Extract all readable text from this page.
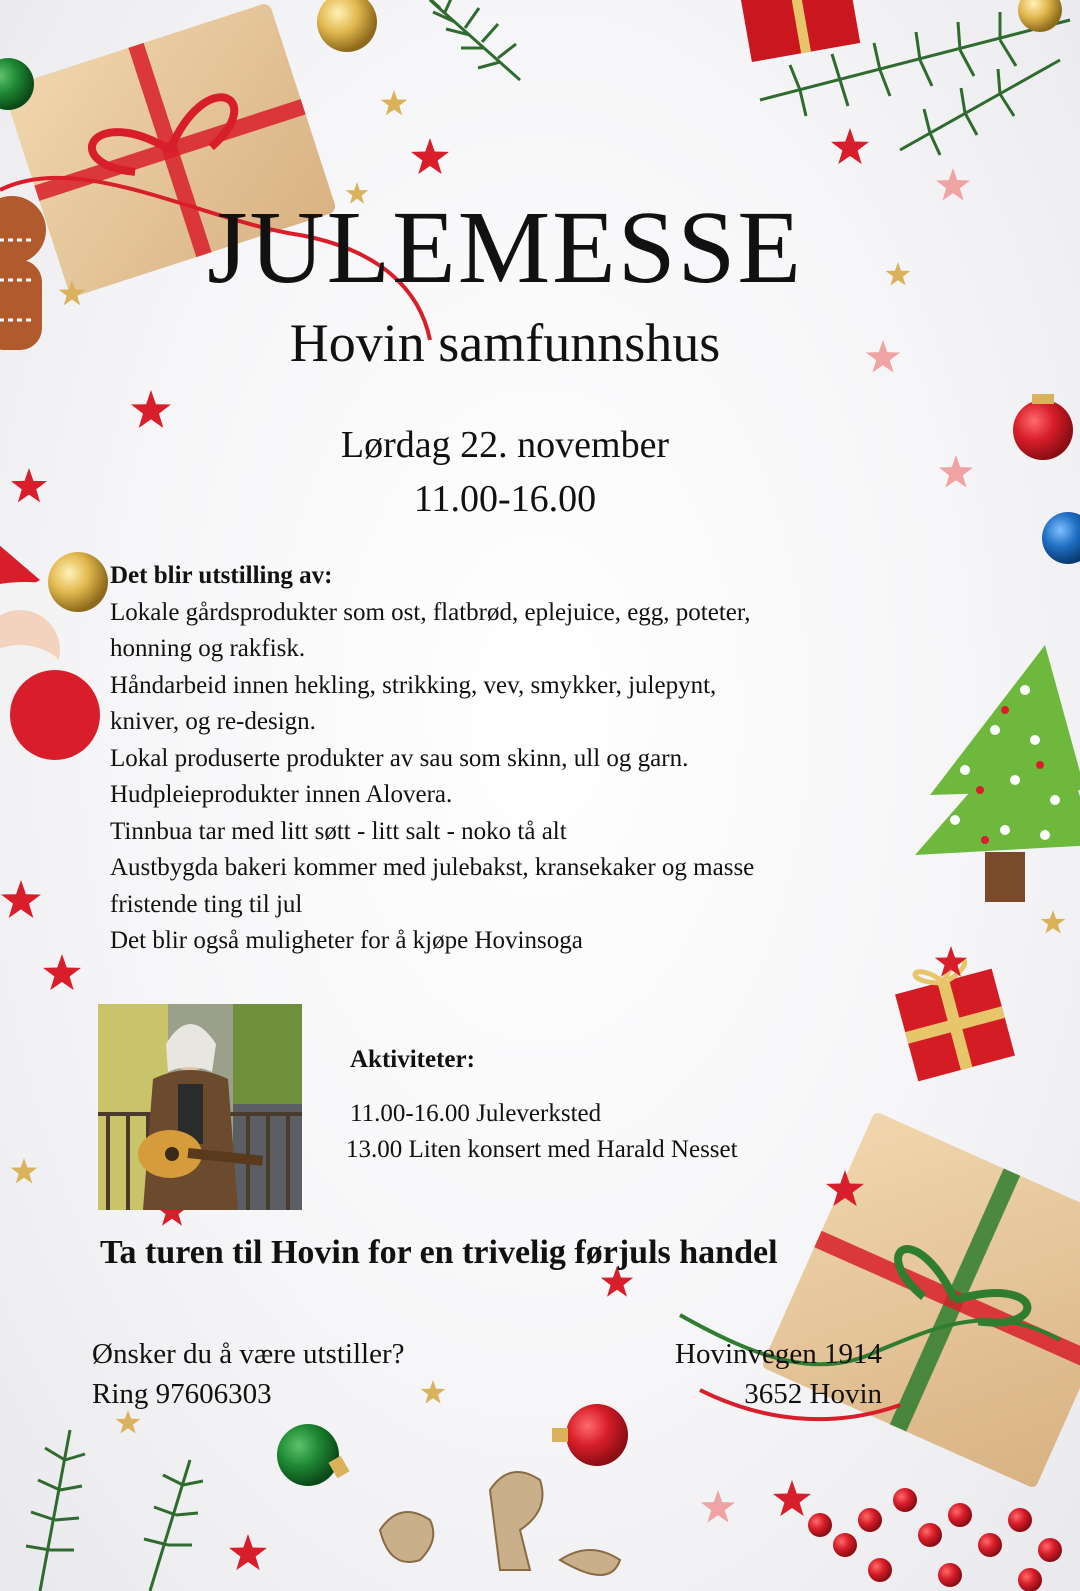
JULEMESSE
Hovin samfunnshus
Lørdag 22. november
11.00-16.00
Det blir utstilling av:
Lokale gårdsprodukter som ost, flatbrød, eplejuice, egg, poteter,
honning og rakfisk.
Håndarbeid innen hekling, strikking, vev, smykker, julepynt,
kniver, og re-design.
Lokal produserte produkter av sau som skinn, ull og garn.
Hudpleieprodukter innen Alovera.
Tinnbua tar med litt søtt - litt salt - noko tå alt
Austbygda bakeri kommer med julebakst, kransekaker og masse
fristende ting til jul
Det blir også muligheter for å kjøpe Hovinsoga
Aktiviteter:
11.00-16.00 Juleverksted
13.00 Liten konsert med Harald Nesset
Ta turen til Hovin for en trivelig førjuls handel
Ønsker du å være utstiller?
Ring 97606303
Hovinvegen 1914
3652 Hovin
